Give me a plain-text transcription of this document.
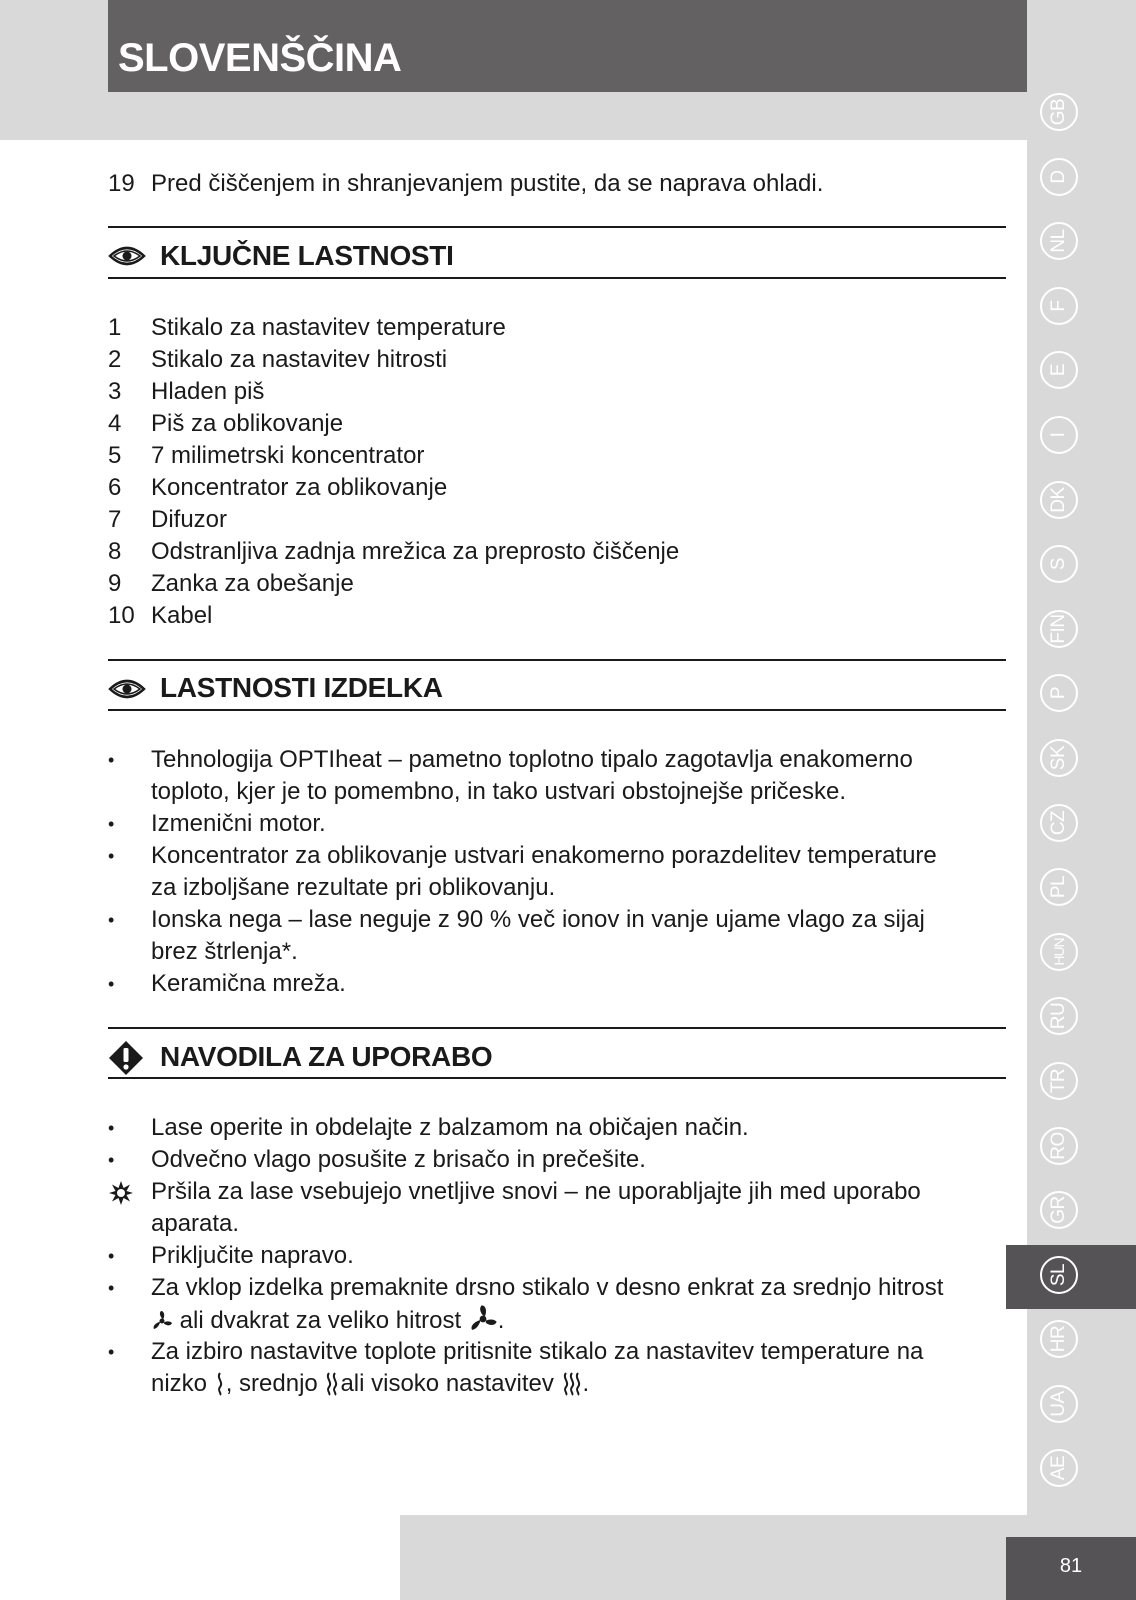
SLOVENŠČINA
GB
D
NL
F
E
I
DK
S
FIN
P
SK
CZ
PL
HUN
RU
TR
RO
GR
SL
HR
UA
AE
19 Pred čiščenjem in shranjevanjem pustite, da se naprava ohladi.
KLJUČNE LASTNOSTI
1	Stikalo za nastavitev temperature
2	Stikalo za nastavitev hitrosti
3	Hladen piš
4	Piš za oblikovanje
5	7 milimetrski koncentrator
6	Koncentrator za oblikovanje
7	Difuzor
8	Odstranljiva zadnja mrežica za preprosto čiščenje
9	Zanka za obešanje
10 Kabel
LASTNOSTI IZDELKA
•	Tehnologija OPTIheat – pametno toplotno tipalo zagotavlja enakomerno
toploto, kjer je to pomembno, in tako ustvari obstojnejše pričeske.
•	Izmenični motor.
•	Koncentrator za oblikovanje ustvari enakomerno porazdelitev temperature
za izboljšane rezultate pri oblikovanju.
•	Ionska nega – lase neguje z 90 % več ionov in vanje ujame vlago za sijaj
brez štrlenja*.
•	Keramična mreža.
NAVODILA ZA UPORABO
•	Lase operite in obdelajte z balzamom na običajen način.
•	Odvečno vlago posušite z brisačo in prečešite.
Pršila za lase vsebujejo vnetljive snovi – ne uporabljajte jih med uporabo
aparata.
•	Priključite napravo.
•	Za vklop izdelka premaknite drsno stikalo v desno enkrat za srednjo hitrost
ali dvakrat za veliko hitrost .
•	Za izbiro nastavitve toplote pritisnite stikalo za nastavitev temperature na
nizko , srednjo ali visoko nastavitev .
81
